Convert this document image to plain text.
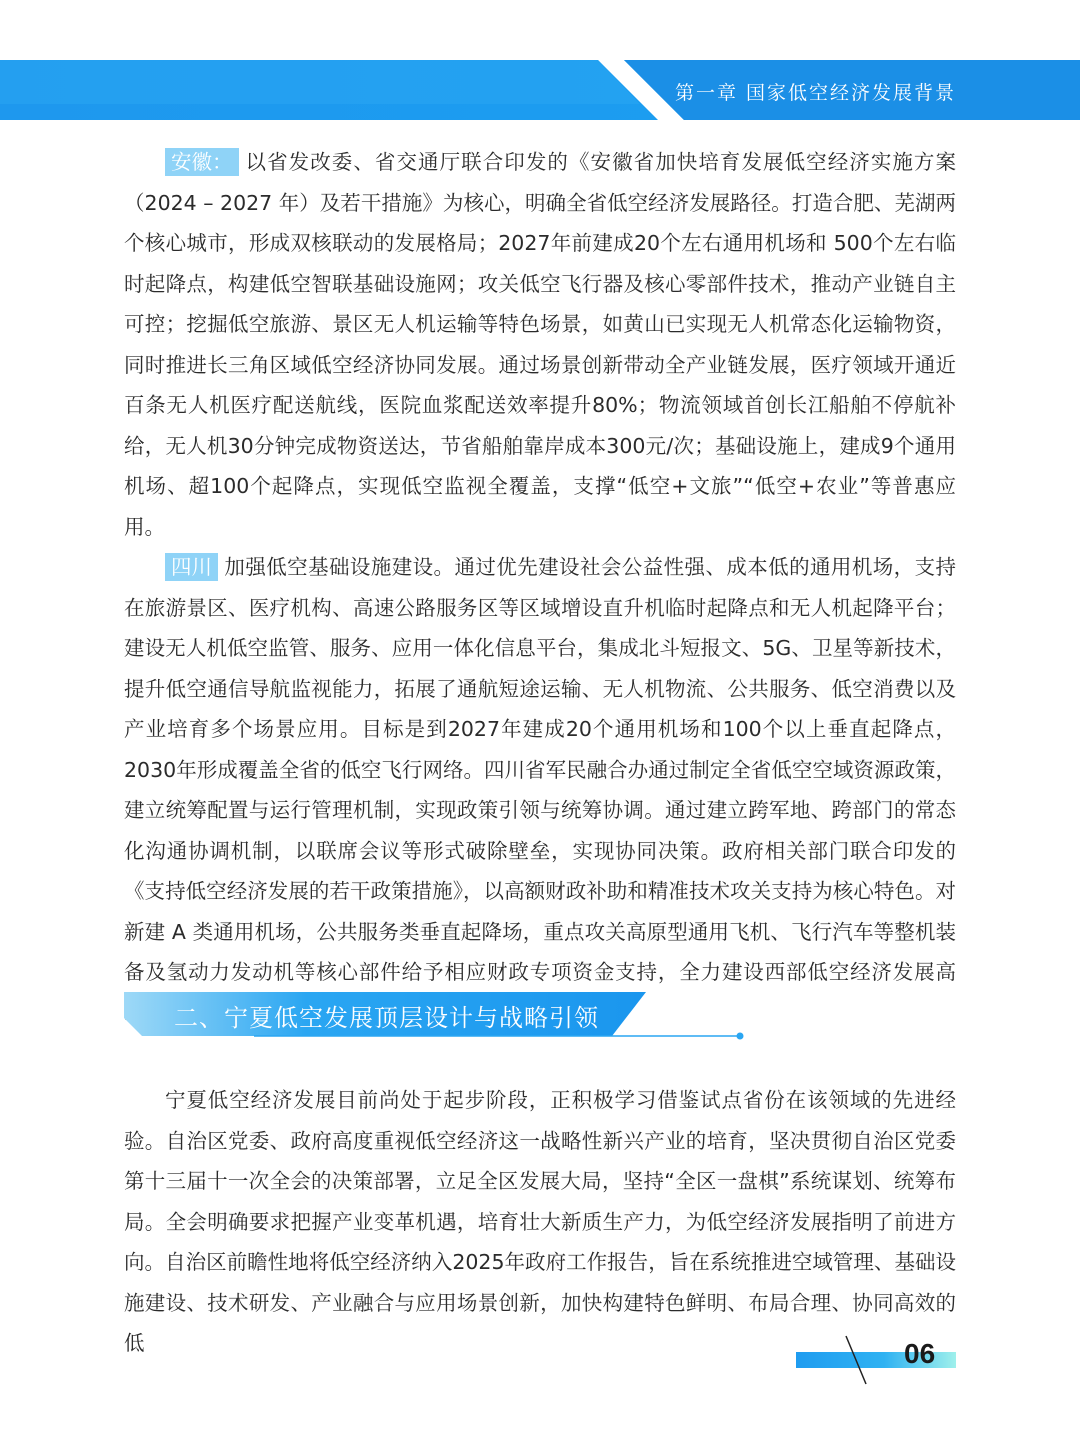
第一章 国家低空经济发展背景

安徽： 以省发改委、省交通厅联合印发的《安徽省加快培育发展低空经济实施方案（2024 – 2027 年）及若干措施》为核心，明确全省低空经济发展路径。打造合肥、芜湖两个核心城市，形成双核联动的发展格局；2027年前建成20个左右通用机场和 500个左右临时起降点，构建低空智联基础设施网；攻关低空飞行器及核心零部件技术，推动产业链自主可控；挖掘低空旅游、景区无人机运输等特色场景，如黄山已实现无人机常态化运输物资，同时推进长三角区域低空经济协同发展。通过场景创新带动全产业链发展，医疗领域开通近百条无人机医疗配送航线，医院血浆配送效率提升80%；物流领域首创长江船舶不停航补给，无人机30分钟完成物资送达，节省船舶靠岸成本300元/次；基础设施上，建成9个通用机场、超100个起降点，实现低空监视全覆盖，支撑“低空+文旅”“低空+农业”等普惠应用。

四川 加强低空基础设施建设。通过优先建设社会公益性强、成本低的通用机场，支持在旅游景区、医疗机构、高速公路服务区等区域增设直升机临时起降点和无人机起降平台；建设无人机低空监管、服务、应用一体化信息平台，集成北斗短报文、5G、卫星等新技术，提升低空通信导航监视能力，拓展了通航短途运输、无人机物流、公共服务、低空消费以及产业培育多个场景应用。目标是到2027年建成20个通用机场和100个以上垂直起降点，2030年形成覆盖全省的低空飞行网络。四川省军民融合办通过制定全省低空空域资源政策，建立统筹配置与运行管理机制，实现政策引领与统筹协调。通过建立跨军地、跨部门的常态化沟通协调机制，以联席会议等形式破除壁垒，实现协同决策。政府相关部门联合印发的《支持低空经济发展的若干政策措施》，以高额财政补助和精准技术攻关支持为核心特色。对新建 A 类通用机场，公共服务类垂直起降场，重点攻关高原型通用飞机、飞行汽车等整机装备及氢动力发动机等核心部件给予相应财政专项资金支持，全力建设西部低空经济发展高

二、宁夏低空发展顶层设计与战略引领

宁夏低空经济发展目前尚处于起步阶段，正积极学习借鉴试点省份在该领域的先进经验。自治区党委、政府高度重视低空经济这一战略性新兴产业的培育，坚决贯彻自治区党委第十三届十一次全会的决策部署，立足全区发展大局，坚持“全区一盘棋”系统谋划、统筹布局。全会明确要求把握产业变革机遇，培育壮大新质生产力，为低空经济发展指明了前进方向。自治区前瞻性地将低空经济纳入2025年政府工作报告，旨在系统推进空域管理、基础设施建设、技术研发、产业融合与应用场景创新，加快构建特色鲜明、布局合理、协同高效的低	06
